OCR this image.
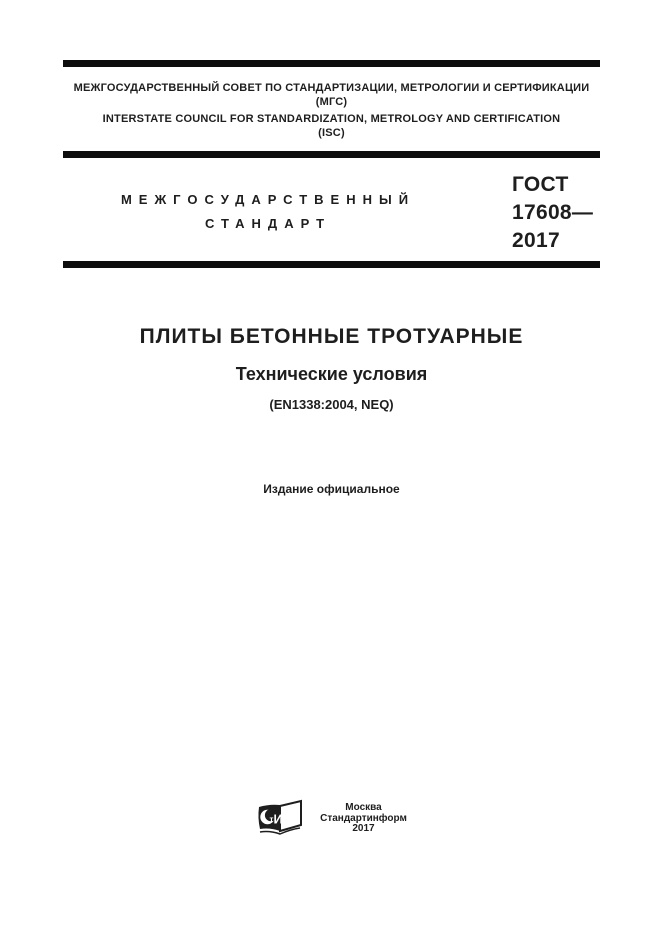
МЕЖГОСУДАРСТВЕННЫЙ СОВЕТ ПО СТАНДАРТИЗАЦИИ, МЕТРОЛОГИИ И СЕРТИФИКАЦИИ
(МГС)
INTERSTATE COUNCIL FOR STANDARDIZATION, METROLOGY AND CERTIFICATION
(ISC)
МЕЖГОСУДАРСТВЕННЫЙ
СТАНДАРТ
ГОСТ
17608—
2017
ПЛИТЫ БЕТОННЫЕ ТРОТУАРНЫЕ
Технические условия
(EN1338:2004, NEQ)
Издание официальное
т И
Москва
Стандартинформ
2017
